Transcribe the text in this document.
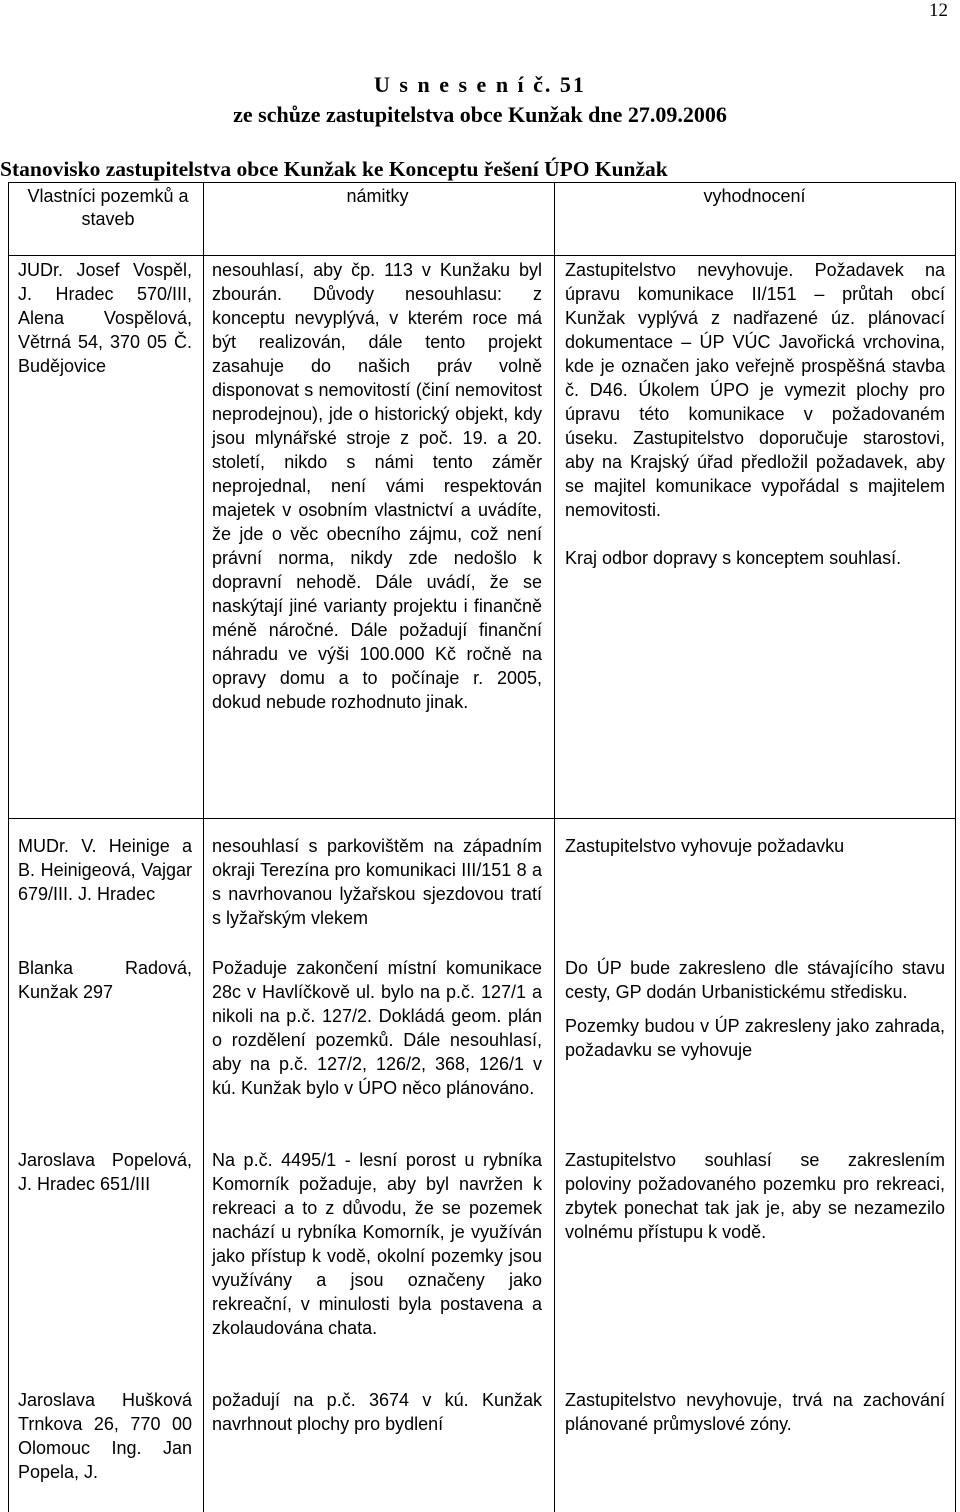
12
U s n e s e n í č. 51
ze schůze zastupitelstva obce Kunžak dne 27.09.2006
Stanovisko zastupitelstva obce Kunžak ke Konceptu řešení ÚPO Kunžak
Vlastníci pozemků a staveb
námitky	vyhodnocení
JUDr. Josef Vospěl, J. Hradec 570/III, Alena Vospělová, Větrná 54, 370 05 Č. Budějovice

nesouhlasí, aby čp. 113 v Kunžaku byl zbourán. Důvody nesouhlasu: z konceptu nevyplývá, v kterém roce má být realizován, dále tento projekt zasahuje do našich práv volně disponovat s nemovitostí (činí nemovitost neprodejnou), jde o historický objekt, kdy jsou mlynářské stroje z poč. 19. a 20. století, nikdo s námi tento záměr neprojednal, není vámi respektován majetek v osobním vlastnictví a uvádíte, že jde o věc obecního zájmu, což není právní norma, nikdy zde nedošlo k dopravní nehodě. Dále uvádí, že se naskýtají jiné varianty projektu i finančně méně náročné. Dále požadují finanční náhradu ve výši 100.000 Kč ročně na opravy domu a to počínaje r. 2005, dokud nebude rozhodnuto jinak.

Zastupitelstvo nevyhovuje. Požadavek na úpravu komunikace II/151 – průtah obcí Kunžak vyplývá z nadřazené úz. plánovací dokumentace – ÚP VÚC Javořická vrchovina, kde je označen jako veřejně prospěšná stavba č. D46. Úkolem ÚPO je vymezit plochy pro úpravu této komunikace v požadovaném úseku. Zastupitelstvo doporučuje starostovi, aby na Krajský úřad předložil požadavek, aby se majitel komunikace vypořádal s majitelem nemovitosti.

Kraj odbor dopravy s konceptem souhlasí.

MUDr. V. Heinige a B. Heinigeová, Vajgar 679/III. J. Hradec

nesouhlasí s parkovištěm na západním okraji Terezína pro komunikaci III/151 8 a s navrhovanou lyžařskou sjezdovou tratí s lyžařským vlekem

Zastupitelstvo vyhovuje požadavku

Blanka Radová, Kunžak 297

Požaduje zakončení místní komunikace 28c v Havlíčkově ul. bylo na p.č. 127/1 a nikoli na p.č. 127/2. Dokládá geom. plán o rozdělení pozemků. Dále nesouhlasí, aby na p.č. 127/2, 126/2, 368, 126/1 v kú. Kunžak bylo v ÚPO něco plánováno.

Do ÚP bude zakresleno dle stávajícího stavu cesty, GP dodán Urbanistickému středisku.

Pozemky budou v ÚP zakresleny jako zahrada, požadavku se vyhovuje

Jaroslava Popelová, J. Hradec 651/III

Na p.č. 4495/1 - lesní porost u rybníka Komorník požaduje, aby byl navržen k rekreaci a to z důvodu, že se pozemek nachází u rybníka Komorník, je využíván jako přístup k vodě, okolní pozemky jsou využívány a jsou označeny jako rekreační, v minulosti byla postavena a zkolaudována chata.

Zastupitelstvo souhlasí se zakreslením poloviny požadovaného pozemku pro rekreaci, zbytek ponechat tak jak je, aby se nezamezilo volnému přístupu k vodě.

Jaroslava Hušková Trnkova 26, 770 00 Olomouc Ing. Jan Popela, J.

požadují na p.č. 3674 v kú. Kunžak navrhnout plochy pro bydlení

Zastupitelstvo nevyhovuje, trvá na zachování plánované průmyslové zóny.
